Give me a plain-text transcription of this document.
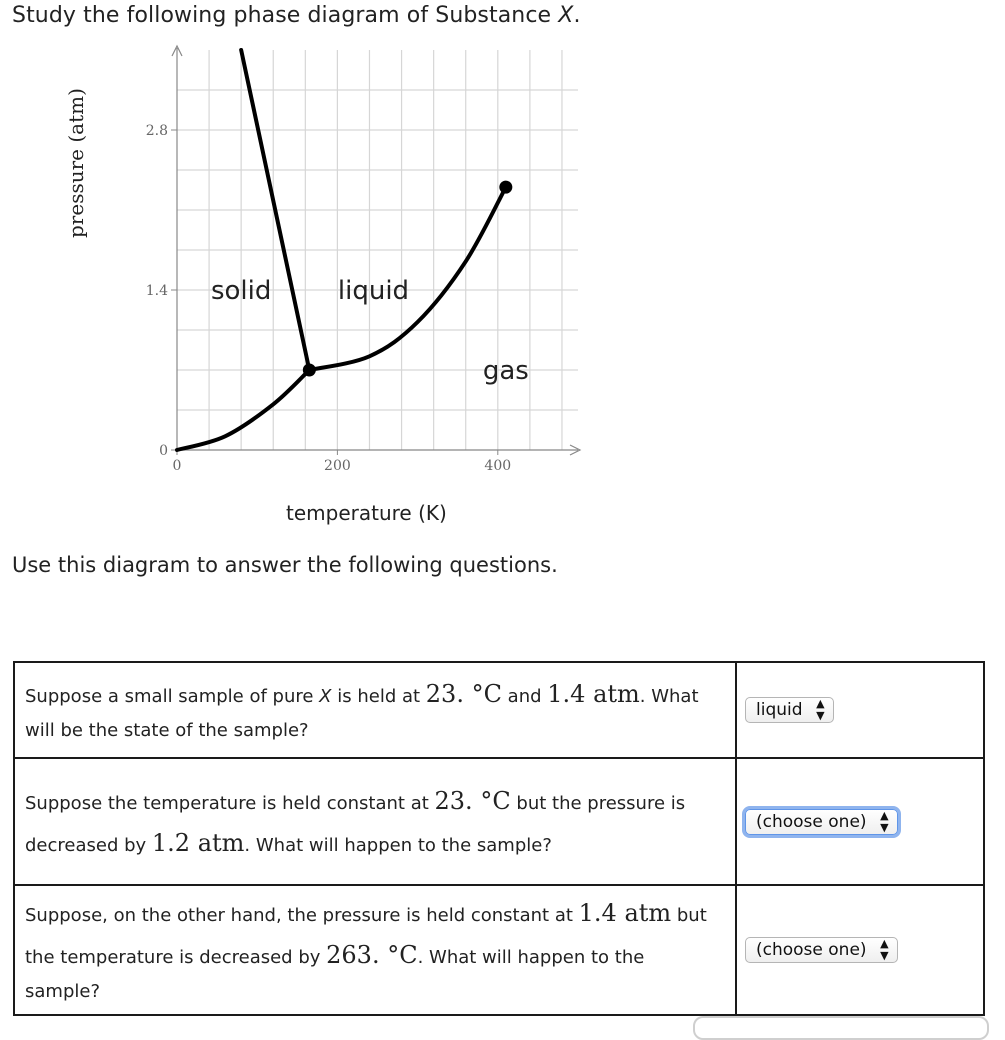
Study the following phase diagram of Substance X.
0	200	400
0
1.4
2.8
solid	liquid
gas
pressure (atm)
temperature (K)
Use this diagram to answer the following questions.
Suppose a small sample of pure X is held at 23. °C and 1.4 atm. What will be the state of the sample?	liquid ▲
▼

Suppose the temperature is held constant at 23. °C but the pressure is decreased by 1.2 atm. What will happen to the sample?	(choose one) ▲
▼

Suppose, on the other hand, the pressure is held constant at 1.4 atm but the temperature is decreased by 263. °C. What will happen to the sample?	(choose one) ▲
▼
